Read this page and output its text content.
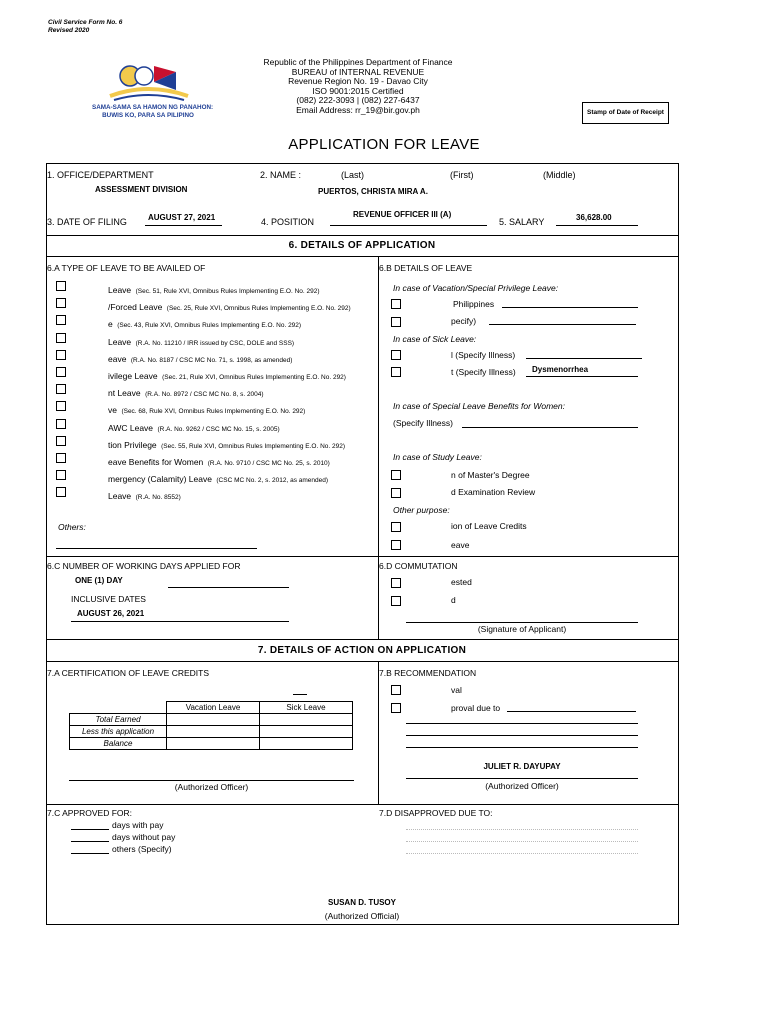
Civil Service Form No. 6
Revised 2020
SAMA-SAMA SA HAMON NG PANAHON:
BUWIS KO, PARA SA PILIPINO
Republic of the Philippines Department of Finance
BUREAU of INTERNAL REVENUE
Revenue Region No. 19 - Davao City
ISO 9001:2015 Certified
(082) 222-3093 | (082) 227-6437
Email Address: rr_19@bir.gov.ph	Stamp of Date of Receipt
APPLICATION FOR LEAVE
1. OFFICE/DEPARTMENT
ASSESSMENT DIVISION
2. NAME :	(Last)	(First)	(Middle)
PUERTOS, CHRISTA MIRA A.
3. DATE OF FILING	AUGUST 27, 2021	4. POSITION
REVENUE OFFICER III (A)
5. SALARY	36,628.00
6. DETAILS OF APPLICATION
6.A TYPE OF LEAVE TO BE AVAILED OF
Leave (Sec. 51, Rule XVI, Omnibus Rules Implementing E.O. No. 292)
/Forced Leave (Sec. 25, Rule XVI, Omnibus Rules Implementing E.O. No. 292)
e (Sec. 43, Rule XVI, Omnibus Rules Implementing E.O. No. 292)
Leave (R.A. No. 11210 / IRR issued by CSC, DOLE and SSS)
eave (R.A. No. 8187 / CSC MC No. 71, s. 1998, as amended)
ivilege Leave (Sec. 21, Rule XVI, Omnibus Rules Implementing E.O. No. 292)
nt Leave (R.A. No. 8972 / CSC MC No. 8, s. 2004)
ve (Sec. 68, Rule XVI, Omnibus Rules Implementing E.O. No. 292)
AWC Leave (R.A. No. 9262 / CSC MC No. 15, s. 2005)
tion Privilege (Sec. 55, Rule XVI, Omnibus Rules Implementing E.O. No. 292)
eave Benefits for Women (R.A. No. 9710 / CSC MC No. 25, s. 2010)
mergency (Calamity) Leave (CSC MC No. 2, s. 2012, as amended)
Leave (R.A. No. 8552)
Others:
6.B DETAILS OF LEAVE
In case of Vacation/Special Privilege Leave:
Philippines
pecify)
In case of Sick Leave:
l (Specify Illness)
t (Specify Illness) Dysmenorrhea
In case of Special Leave Benefits for Women:
(Specify Illness)
In case of Study Leave:
n of Master's Degree
d Examination Review
Other purpose:
ion of Leave Credits
eave
6.C NUMBER OF WORKING DAYS APPLIED FOR
ONE (1) DAY
INCLUSIVE DATES
AUGUST 26, 2021
6.D COMMUTATION
ested
d
(Signature of Applicant)
7. DETAILS OF ACTION ON APPLICATION
7.A CERTIFICATION OF LEAVE CREDITS
	Vacation Leave	Sick Leave
Total Earned		
Less this application		
Balance		
(Authorized Officer)
7.B RECOMMENDATION
val
proval due to
JULIET R. DAYUPAY
(Authorized Officer)
7.C APPROVED FOR:
days with pay
days without pay
others (Specify)
7.D DISAPPROVED DUE TO:
SUSAN D. TUSOY
(Authorized Official)
